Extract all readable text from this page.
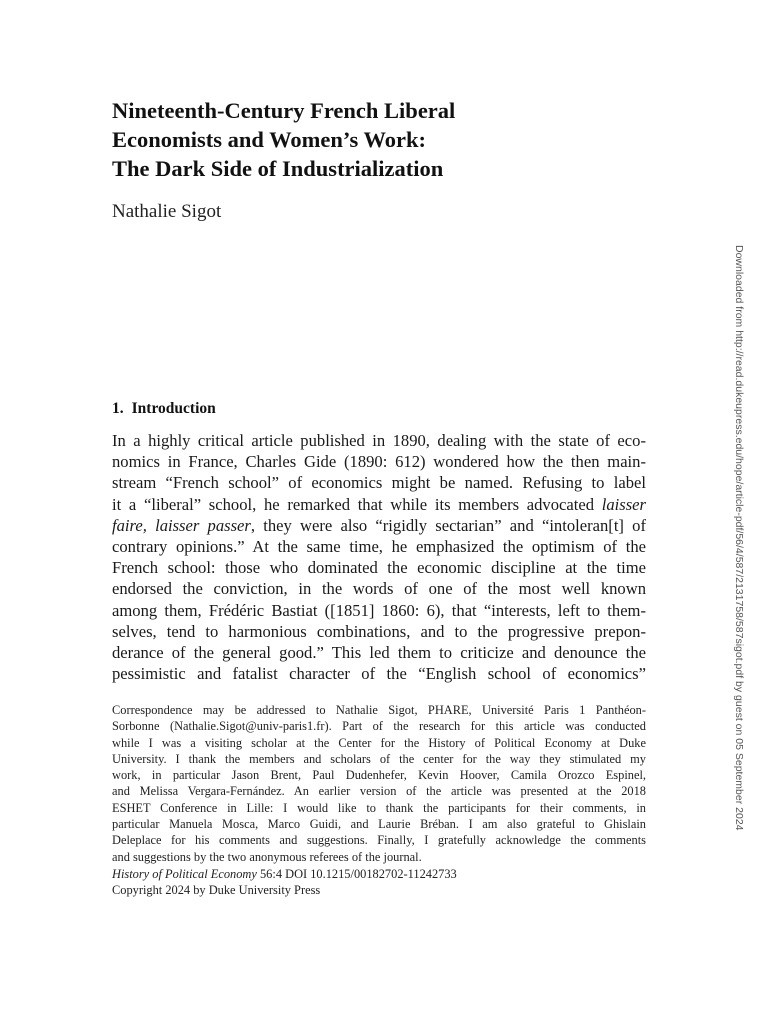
Nineteenth-Century French Liberal
Economists and Women’s Work:
The Dark Side of Industrialization
Nathalie Sigot
1. Introduction
In a highly critical article published in 1890, dealing with the state of eco-
nomics in France, Charles Gide (1890: 612) wondered how the then main-
stream “French school” of economics might be named. Refusing to label
it a “liberal” school, he remarked that while its members advocated laisser
faire, laisser passer, they were also “rigidly sectarian” and “intoleran[t] of
contrary opinions.” At the same time, he emphasized the optimism of the
French school: those who dominated the economic discipline at the time
endorsed the conviction, in the words of one of the most well known
among them, Frédéric Bastiat ([1851] 1860: 6), that “interests, left to them-
selves, tend to harmonious combinations, and to the progressive prepon-
derance of the general good.” This led them to criticize and denounce the
pessimistic and fatalist character of the “English school of economics”
Correspondence may be addressed to Nathalie Sigot, PHARE, Université Paris 1 Panthéon-
Sorbonne (Nathalie.Sigot@univ-paris1.fr). Part of the research for this article was conducted
while I was a visiting scholar at the Center for the History of Political Economy at Duke
University. I thank the members and scholars of the center for the way they stimulated my
work, in particular Jason Brent, Paul Dudenhefer, Kevin Hoover, Camila Orozco Espinel,
and Melissa Vergara-Fernández. An earlier version of the article was presented at the 2018
ESHET Conference in Lille: I would like to thank the participants for their comments, in
particular Manuela Mosca, Marco Guidi, and Laurie Bréban. I am also grateful to Ghislain
Deleplace for his comments and suggestions. Finally, I gratefully acknowledge the comments
and suggestions by the two anonymous referees of the journal.
History of Political Economy 56:4 DOI 10.1215/00182702-11242733
Copyright 2024 by Duke University Press
Downloaded from http://read.dukeupress.edu/hope/article-pdf/56/4/587/2131758/587sigot.pdf by guest on 05 September 2024
